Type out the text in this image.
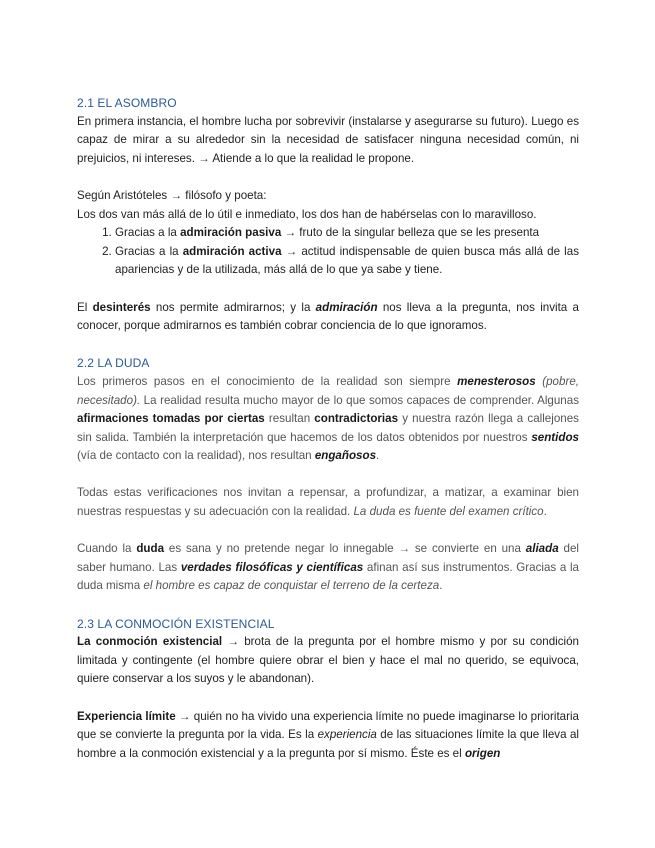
2.1 EL ASOMBRO

En primera instancia, el hombre lucha por sobrevivir (instalarse y asegurarse su futuro). Luego es capaz de mirar a su alrededor sin la necesidad de satisfacer ninguna necesidad común, ni prejuicios, ni intereses. → Atiende a lo que la realidad le propone.

Según Aristóteles → filósofo y poeta:

Los dos van más allá de lo útil e inmediato, los dos han de habérselas con lo maravilloso.

1. Gracias a la admiración pasiva → fruto de la singular belleza que se les presenta
2. Gracias a la admiración activa → actitud indispensable de quien busca más allá de las apariencias y de la utilizada, más allá de lo que ya sabe y tiene.

El desinterés nos permite admirarnos; y la admiración nos lleva a la pregunta, nos invita a conocer, porque admirarnos es también cobrar conciencia de lo que ignoramos.

2.2 LA DUDA

Los primeros pasos en el conocimiento de la realidad son siempre menesterosos (pobre, necesitado). La realidad resulta mucho mayor de lo que somos capaces de comprender. Algunas afirmaciones tomadas por ciertas resultan contradictorias y nuestra razón llega a callejones sin salida. También la interpretación que hacemos de los datos obtenidos por nuestros sentidos (vía de contacto con la realidad), nos resultan engañosos.

Todas estas verificaciones nos invitan a repensar, a profundizar, a matizar, a examinar bien nuestras respuestas y su adecuación con la realidad. La duda es fuente del examen crítico.

Cuando la duda es sana y no pretende negar lo innegable → se convierte en una aliada del saber humano. Las verdades filosóficas y científicas afinan así sus instrumentos. Gracias a la duda misma el hombre es capaz de conquistar el terreno de la certeza.

2.3 LA CONMOCIÓN EXISTENCIAL

La conmoción existencial → brota de la pregunta por el hombre mismo y por su condición limitada y contingente (el hombre quiere obrar el bien y hace el mal no querido, se equivoca, quiere conservar a los suyos y le abandonan).

Experiencia límite → quién no ha vivido una experiencia límite no puede imaginarse lo prioritaria que se convierte la pregunta por la vida. Es la experiencia de las situaciones límite la que lleva al hombre a la conmoción existencial y a la pregunta por sí mismo. Éste es el origen
